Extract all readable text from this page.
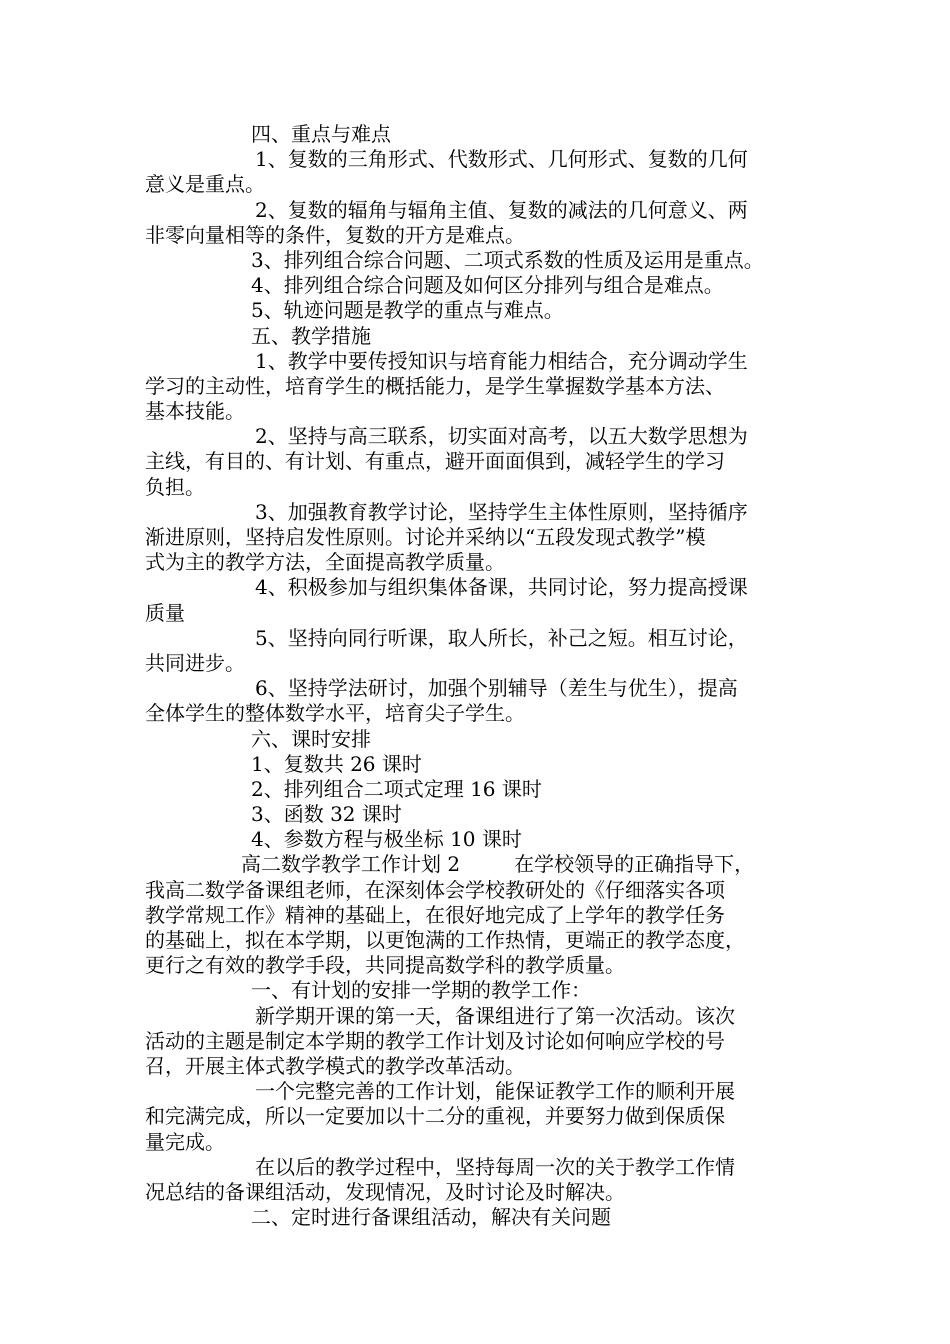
四、重点与难点
1、复数的三角形式、代数形式、几何形式、复数的几何
意义是重点。
2、复数的辐角与辐角主值、复数的减法的几何意义、两
非零向量相等的条件，复数的开方是难点。
3、排列组合综合问题、二项式系数的性质及运用是重点。
4、排列组合综合问题及如何区分排列与组合是难点。
5、轨迹问题是教学的重点与难点。
五、教学措施
1、教学中要传授知识与培育能力相结合，充分调动学生
学习的主动性，培育学生的概括能力，是学生掌握数学基本方法、
基本技能。
2、坚持与高三联系，切实面对高考，以五大数学思想为
主线，有目的、有计划、有重点，避开面面俱到，减轻学生的学习
负担。
3、加强教育教学讨论，坚持学生主体性原则，坚持循序
渐进原则，坚持启发性原则。讨论并采纳以“五段发现式教学”模
式为主的教学方法，全面提高教学质量。
4、积极参加与组织集体备课，共同讨论，努力提高授课
质量
5、坚持向同行听课，取人所长，补己之短。相互讨论，
共同进步。
6、坚持学法研讨，加强个别辅导（差生与优生），提高
全体学生的整体数学水平，培育尖子学生。
六、课时安排
1、复数共 26 课时
2、排列组合二项式定理 16 课时
3、函数 32 课时
4、参数方程与极坐标 10 课时
高二数学教学工作计划 2	在学校领导的正确指导下，
我高二数学备课组老师，在深刻体会学校教研处的《仔细落实各项
教学常规工作》精神的基础上，在很好地完成了上学年的教学任务
的基础上，拟在本学期，以更饱满的工作热情，更端正的教学态度，
更行之有效的教学手段，共同提高数学科的教学质量。
一、有计划的安排一学期的教学工作：
新学期开课的第一天，备课组进行了第一次活动。该次
活动的主题是制定本学期的教学工作计划及讨论如何响应学校的号
召，开展主体式教学模式的教学改革活动。
一个完整完善的工作计划，能保证教学工作的顺利开展
和完满完成，所以一定要加以十二分的重视，并要努力做到保质保
量完成。
在以后的教学过程中，坚持每周一次的关于教学工作情
况总结的备课组活动，发现情况，及时讨论及时解决。
二、定时进行备课组活动，解决有关问题
